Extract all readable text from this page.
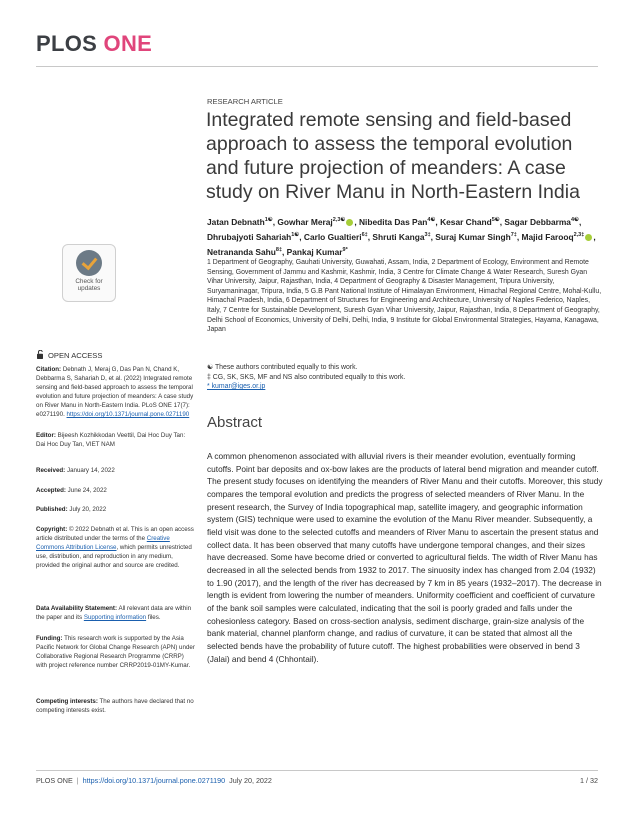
PLOS ONE
RESEARCH ARTICLE
Integrated remote sensing and field-based approach to assess the temporal evolution and future projection of meanders: A case study on River Manu in North-Eastern India
Jatan Debnath$^{1☯}$, Gowhar Meraj$^{2,3☯}$ , Nibedita Das Pan$^{4☯}$, Kesar Chand$^{5☯}$, Sagar Debbarma$^{4☯}$, Dhrubajyoti Sahariah$^{1☯}$, Carlo Gualtieri$^{6\ddagger}$, Shruti Kanga$^{3\ddagger}$, Suraj Kumar Singh$^{7\ddagger}$, Majid Farooq$^{2,3\ddagger}$ , Netrananda Sahu$^{8\ddagger}$, Pankaj Kumar$^{9*}$
1 Department of Geography, Gauhati University, Guwahati, Assam, India, 2 Department of Ecology, Environment and Remote Sensing, Government of Jammu and Kashmir, Kashmir, India, 3 Centre for Climate Change & Water Research, Suresh Gyan Vihar University, Jaipur, Rajasthan, India, 4 Department of Geography & Disaster Management, Tripura University, Suryamaninagar, Tripura, India, 5 G.B Pant National Institute of Himalayan Environment, Himachal Regional Centre, Mohal-Kullu, Himachal Pradesh, India, 6 Department of Structures for Engineering and Architecture, University of Naples Federico, Naples, Italy, 7 Centre for Sustainable Development, Suresh Gyan Vihar University, Jaipur, Rajasthan, India, 8 Department of Geography, Delhi School of Economics, University of Delhi, Delhi, India, 9 Institute for Global Environmental Strategies, Hayama, Kanagawa, Japan
☯ These authors contributed equally to this work.
‡ CG, SK, SKS, MF and NS also contributed equally to this work.
* kumar@iges.or.jp
Abstract
A common phenomenon associated with alluvial rivers is their meander evolution, eventually forming cutoffs. Point bar deposits and ox-bow lakes are the products of lateral bend migration and meander cutoff. The present study focuses on identifying the meanders of River Manu and their cutoffs. Moreover, this study compares the temporal evolution and predicts the progress of selected meanders of River Manu. In the present research, the Survey of India topographical map, satellite imagery, and geographic information system (GIS) technique were used to examine the evolution of the Manu River meander. Subsequently, a field visit was done to the selected cutoffs and meanders of River Manu to ascertain the present status and collect data. It has been observed that many cutoffs have undergone temporal changes, and their sizes have decreased. Some have become dried or converted to agricultural fields. The width of River Manu has decreased in all the selected bends from 1932 to 2017. The sinuosity index has changed from 2.04 (1932) to 1.90 (2017), and the length of the river has decreased by 7 km in 85 years (1932–2017). The decrease in length is evident from lowering the number of meanders. Uniformity coefficient and coefficient of curvature of the bank soil samples were calculated, indicating that the soil is poorly graded and falls under the cohesionless category. Based on cross-section analysis, sediment discharge, grain-size analysis of the bank material, channel planform change, and radius of curvature, it can be stated that almost all the selected bends have the probability of future cutoff. The highest probabilities were observed in bend 3 (Jalai) and bend 4 (Chhontail).
Check for
updates
OPEN ACCESS
Citation: Debnath J, Meraj G, Das Pan N, Chand K, Debbarma S, Sahariah D, et al. (2022) Integrated remote sensing and field-based approach to assess the temporal evolution and future projection of meanders: A case study on River Manu in North-Eastern India. PLoS ONE 17(7): e0271190. https://doi.org/10.1371/journal.pone.0271190
Editor: Bijeesh Kozhikkodan Veettil, Dai Hoc Duy Tan: Dai Hoc Duy Tan, VIET NAM
Received: January 14, 2022
Accepted: June 24, 2022
Published: July 20, 2022
Copyright: © 2022 Debnath et al. This is an open access article distributed under the terms of the Creative Commons Attribution License, which permits unrestricted use, distribution, and reproduction in any medium, provided the original author and source are credited.
Data Availability Statement: All relevant data are within the paper and its Supporting information files.
Funding: This research work is supported by the Asia Pacific Network for Global Change Research (APN) under Collaborative Regional Research Programme (CRRP) with project reference number CRRP2019-01MY-Kumar.
Competing interests: The authors have declared that no competing interests exist.
PLOS ONE | https://doi.org/10.1371/journal.pone.0271190 July 20, 2022	1 / 32
